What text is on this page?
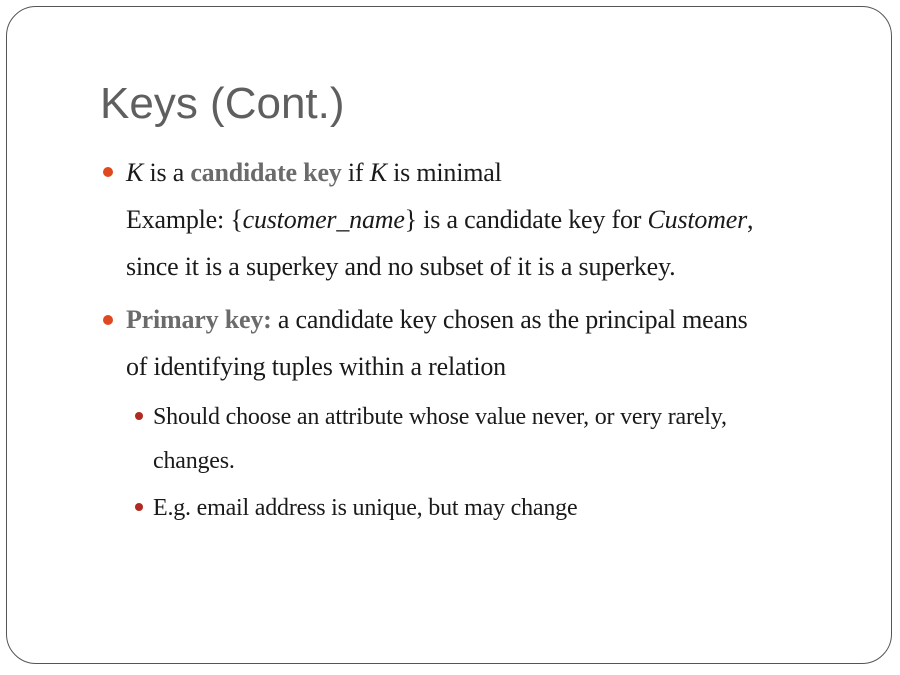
Keys (Cont.)
K is a candidate key if K is minimal
Example: {customer_name} is a candidate key for Customer,
since it is a superkey and no subset of it is a superkey.
Primary key: a candidate key chosen as the principal means
of identifying tuples within a relation
Should choose an attribute whose value never, or very rarely,
changes.
E.g. email address is unique, but may change
